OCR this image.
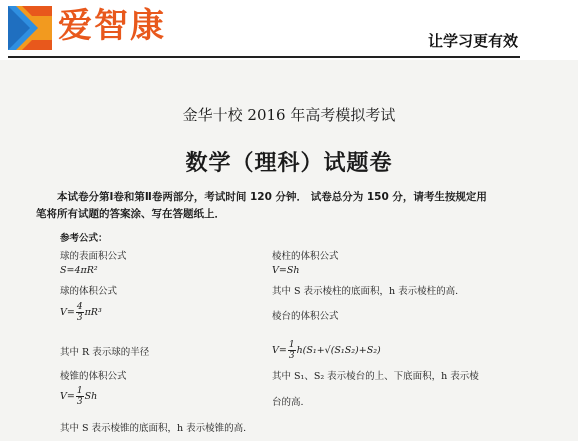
爱智康	让学习更有效
金华十校 2016 年高考模拟考试
数学（理科）试题卷
本试卷分第Ⅰ卷和第Ⅱ卷两部分，考试时间 120 分钟． 试卷总分为 150 分，请考生按规定用
笔将所有试题的答案涂、写在答题纸上．
参考公式：
球的表面积公式
S=4πR²
球的体积公式
$V= \frac{4}{3} \pi R^3$
其中 R 表示球的半径
棱锥的体积公式
$V= \frac{1}{3}$ Sh
其中 S 表示棱锥的底面积，h 表示棱锥的高.
棱柱的体积公式
V=Sh
其中 S 表示棱柱的底面积，h 表示棱柱的高.
棱台的体积公式
$V= \frac{1}{3} h(S_1+√(S_1S_2)+S_2)$
其中 S₁、S₂ 表示棱台的上、下底面积，h 表示棱
台的高.
